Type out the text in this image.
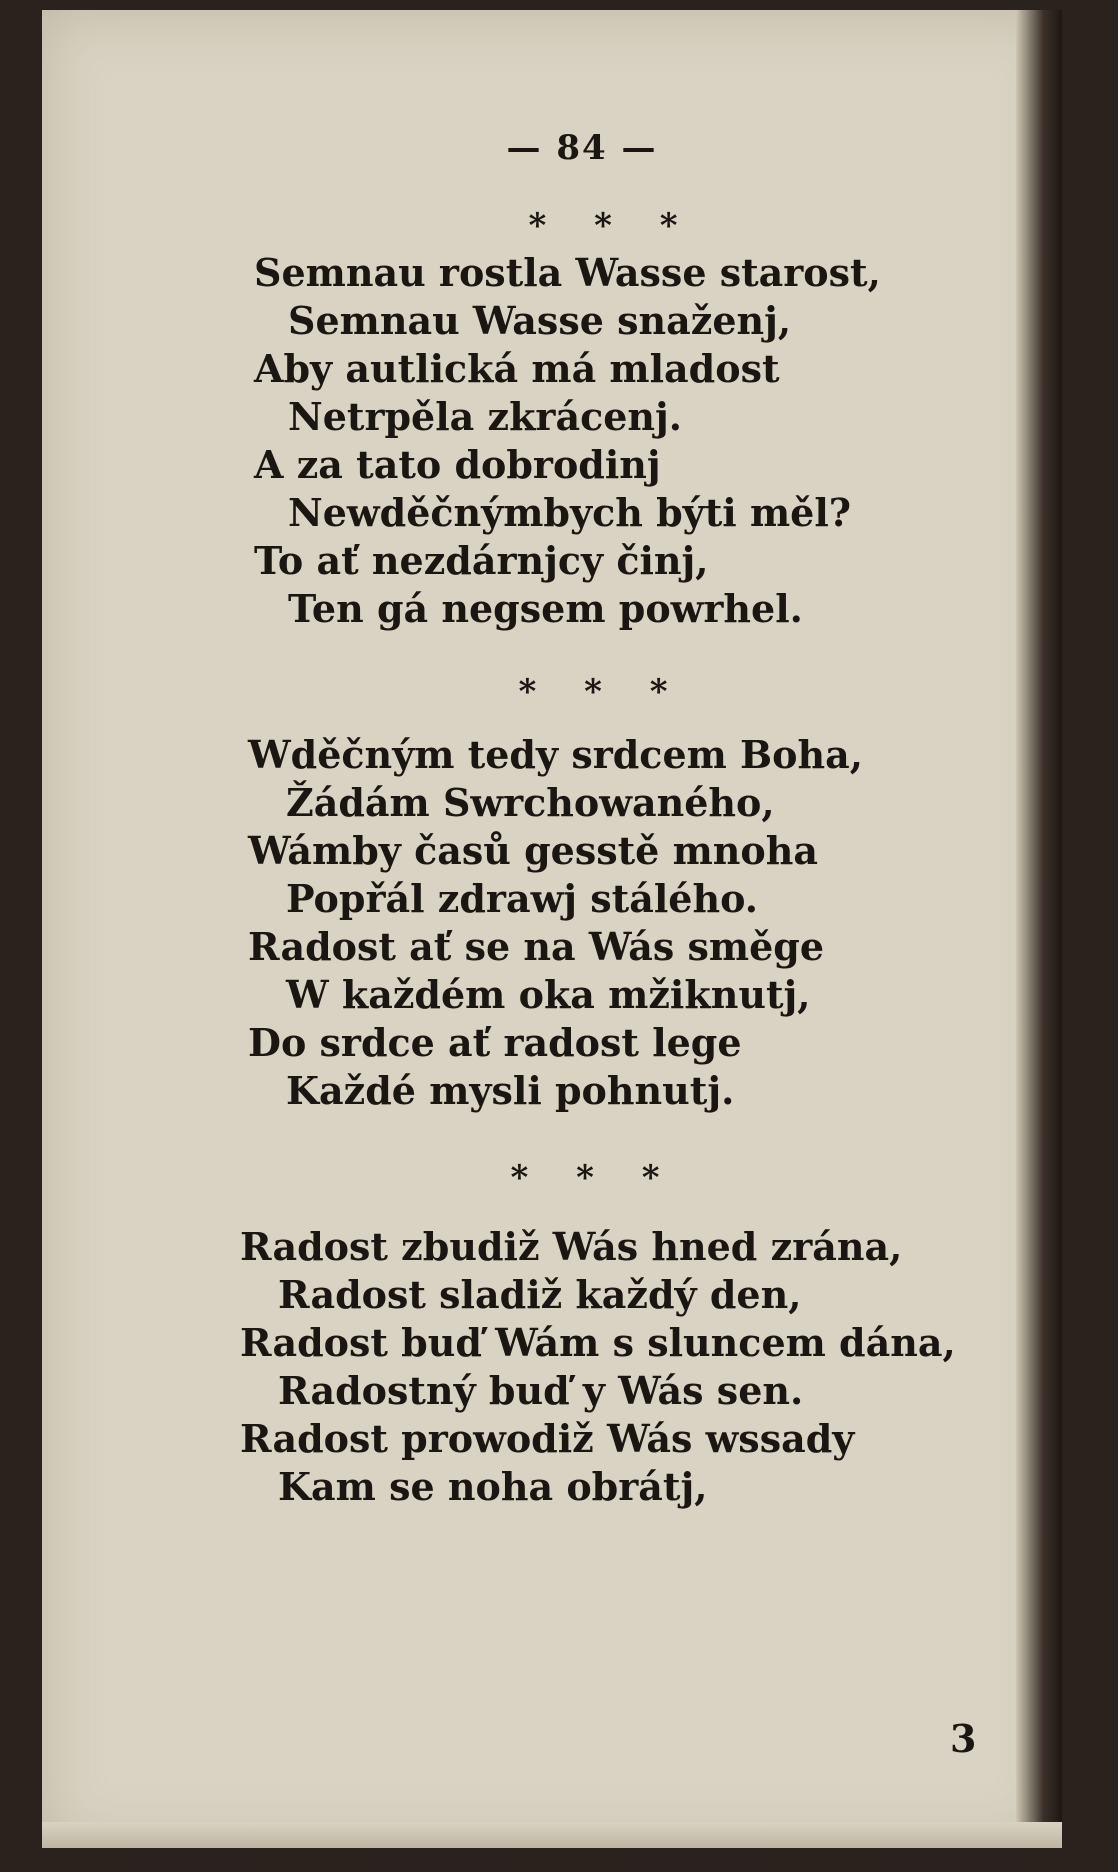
— 84 —
* * *
Semnau rostla Wasse starost,
Semnau Wasse snaženj,
Aby autlická má mladost
Netrpěla zkrácenj.
A za tato dobrodinj
Newděčnýmbych býti měl?
To ať nezdárnjcy činj,
Ten gá negsem powrhel.
* * *
Wděčným tedy srdcem Boha,
Žádám Swrchowaného,
Wámby časů gesstě mnoha
Popřál zdrawj stálého.
Radost ať se na Wás směge
W každém oka mžiknutj,
Do srdce ať radost lege
Každé mysli pohnutj.
* * *
Radost zbudiž Wás hned zrána,
Radost sladiž každý den,
Radost buď Wám s sluncem dána,
Radostný buď y Wás sen.
Radost prowodiž Wás wssady
Kam se noha obrátj,
3
